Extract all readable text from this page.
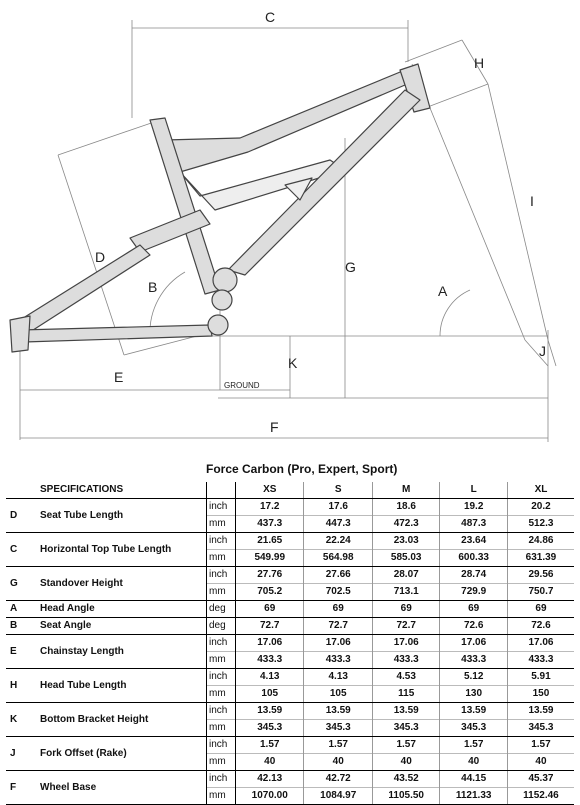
C
H
I
D
B
G
A
J
K
E
F
GROUND
Force Carbon (Pro, Expert, Sport)
	SPECIFICATIONS		XS	S	M	L	XL
D	Seat Tube Length	inch	17.2	17.6	18.6	19.2	20.2
		mm	437.3	447.3	472.3	487.3	512.3
C	Horizontal Top Tube Length	inch	21.65	22.24	23.03	23.64	24.86
		mm	549.99	564.98	585.03	600.33	631.39
G	Standover Height	inch	27.76	27.66	28.07	28.74	29.56
		mm	705.2	702.5	713.1	729.9	750.7
A	Head Angle	deg	69	69	69	69	69
B	Seat Angle	deg	72.7	72.7	72.7	72.6	72.6
E	Chainstay Length	inch	17.06	17.06	17.06	17.06	17.06
		mm	433.3	433.3	433.3	433.3	433.3
H	Head Tube Length	inch	4.13	4.13	4.53	5.12	5.91
		mm	105	105	115	130	150
K	Bottom Bracket Height	inch	13.59	13.59	13.59	13.59	13.59
		mm	345.3	345.3	345.3	345.3	345.3
J	Fork Offset (Rake)	inch	1.57	1.57	1.57	1.57	1.57
		mm	40	40	40	40	40
F	Wheel Base	inch	42.13	42.72	43.52	44.15	45.37
		mm	1070.00	1084.97	1105.50	1121.33	1152.46
